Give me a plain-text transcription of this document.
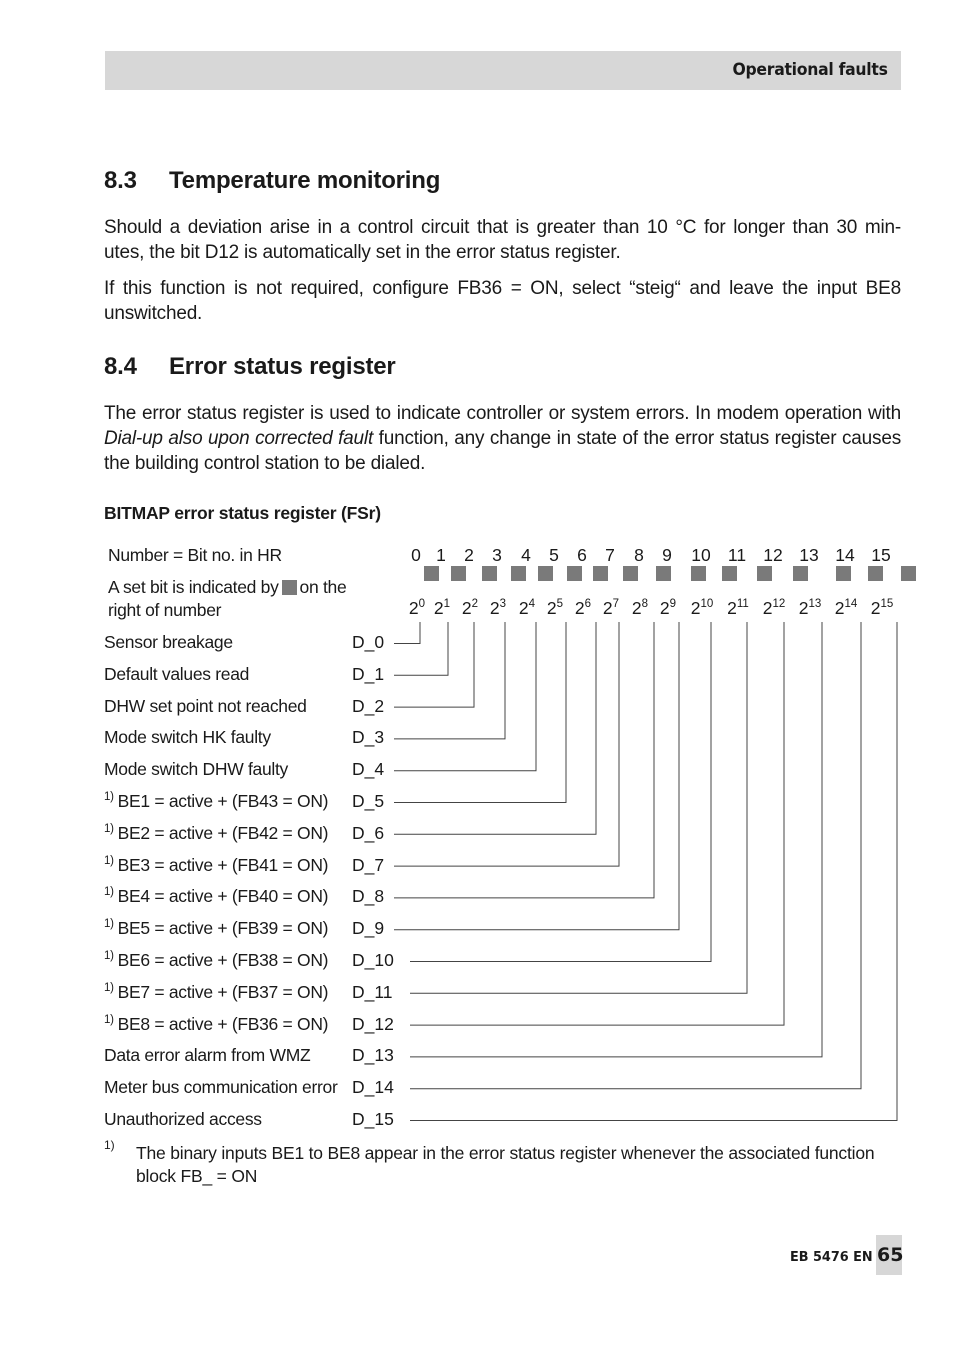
Operational faults
8.3 Temperature monitoring
Should a deviation arise in a control circuit that is greater than 10 °C for longer than 30 min-
utes, the bit D12 is automatically set in the error status register.
If this function is not required, configure FB36 = ON, select “steig“ and leave the input BE8
unswitched.
8.4 Error status register
The error status register is used to indicate controller or system errors. In modem operation with
Dial-up also upon corrected fault function, any change in state of the error status register causes
the building control station to be dialed.
BITMAP error status register (FSr)
Number = Bit no. in HR
A set bit is indicated by on the
right of number
0
$2^0$
1
$2^1$
2
$2^2$
3
$2^3$
4
$2^4$
5
$2^5$
6
$2^6$
7
$2^7$
8
$2^8$
9
$2^9$
10
$2^{10}$
11
$2^{11}$
12
$2^{12}$
13
$2^{13}$
14
$2^{14}$
15
$2^{15}$
Sensor breakage	D_0
Default values read	D_1
DHW set point not reached	D_2
Mode switch HK faulty	D_3
Mode switch DHW faulty	D_4
$^{1)}$ BE1 = active + (FB43 = ON) D_5
$^{1)}$ BE2 = active + (FB42 = ON) D_6
$^{1)}$ BE3 = active + (FB41 = ON) D_7
$^{1)}$ BE4 = active + (FB40 = ON) D_8
$^{1)}$ BE5 = active + (FB39 = ON) D_9
$^{1)}$ BE6 = active + (FB38 = ON) D_10
$^{1)}$ BE7 = active + (FB37 = ON) D_11
$^{1)}$ BE8 = active + (FB36 = ON) D_12
Data error alarm from WMZ D_13
Meter bus communication error D_14
Unauthorized access	D_15
1) The binary inputs BE1 to BE8 appear in the error status register whenever the associated function
block FB_ = ON
EB 5476 EN 65
